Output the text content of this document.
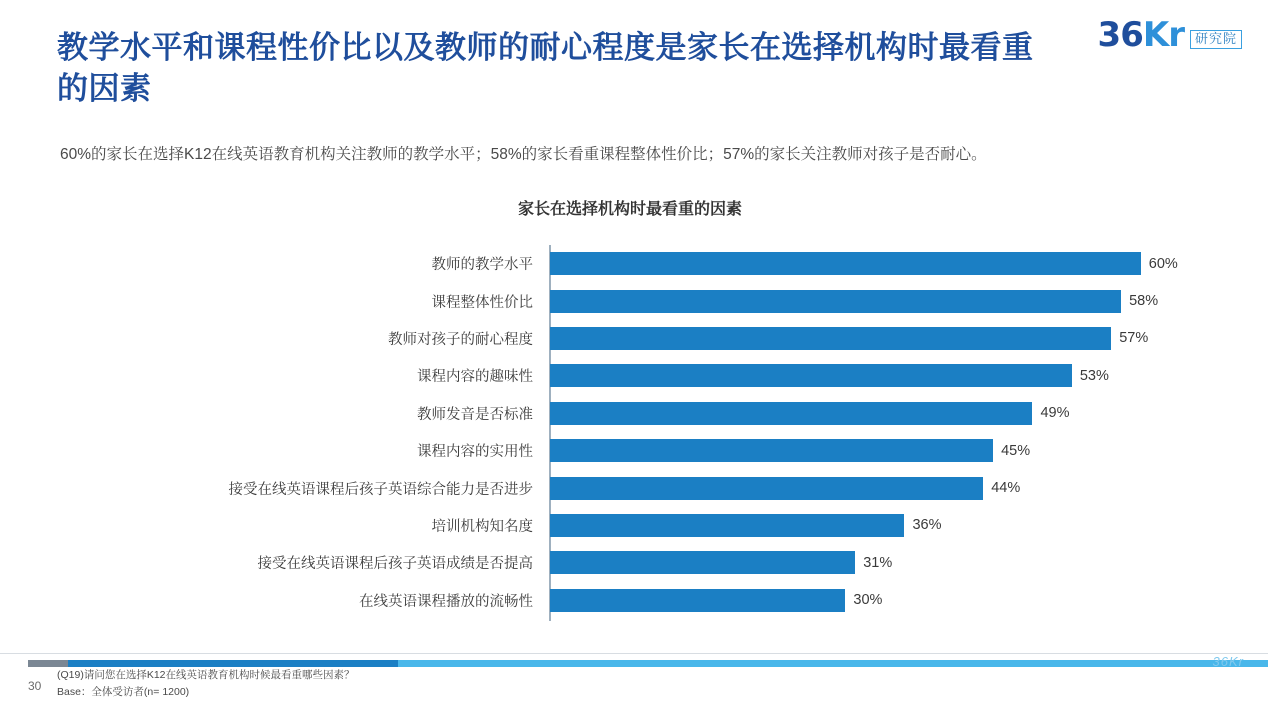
36Kr 研究院
教学水平和课程性价比以及教师的耐心程度是家长在选择机构时最看重的因素
60%的家长在选择K12在线英语教育机构关注教师的教学水平；58%的家长看重课程整体性价比；57%的家长关注教师对孩子是否耐心。
家长在选择机构时最看重的因素
教师的教学水平	60%
课程整体性价比	58%
教师对孩子的耐心程度	57%
课程内容的趣味性	53%
教师发音是否标准	49%
课程内容的实用性	45%
接受在线英语课程后孩子英语综合能力是否进步	44%
培训机构知名度	36%
接受在线英语课程后孩子英语成绩是否提高	31%
在线英语课程播放的流畅性	30%
36Kr
30
(Q19)请问您在选择K12在线英语教育机构时候最看重哪些因素？
Base：全体受访者(n= 1200)
